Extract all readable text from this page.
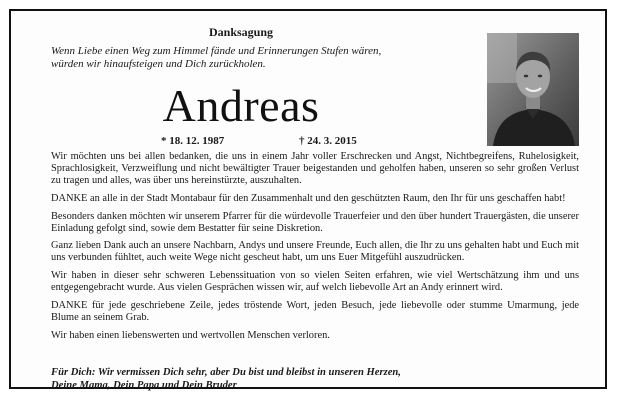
Danksagung
Wenn Liebe einen Weg zum Himmel fände und Erinnerungen Stufen wären,
würden wir hinaufsteigen und Dich zurückholen.
Andreas
* 18. 12. 1987	† 24. 3. 2015

Wir möchten uns bei allen bedanken, die uns in einem Jahr voller Erschrecken und Angst, Nichtbegreifens, Ruhelosigkeit, Sprachlosigkeit, Verzweiflung und nicht bewältigter Trauer beigestanden und geholfen haben, unseren so sehr großen Verlust zu tragen und alles, was über uns hereinstürzte, auszuhalten.

DANKE an alle in der Stadt Montabaur für den Zusammenhalt und den geschützten Raum, den Ihr für uns geschaffen habt!

Besonders danken möchten wir unserem Pfarrer für die würdevolle Trauerfeier und den über hundert Trauergästen, die unserer Einladung gefolgt sind, sowie dem Bestatter für seine Diskretion.

Ganz lieben Dank auch an unsere Nachbarn, Andys und unsere Freunde, Euch allen, die Ihr zu uns gehalten habt und Euch mit uns verbunden fühltet, auch weite Wege nicht gescheut habt, um uns Euer Mitgefühl auszudrücken.

Wir haben in dieser sehr schweren Lebenssituation von so vielen Seiten erfahren, wie viel Wertschätzung ihm und uns entgegengebracht wurde. Aus vielen Gesprächen wissen wir, auf welch liebevolle Art an Andy erinnert wird.

DANKE für jede geschriebene Zeile, jedes tröstende Wort, jeden Besuch, jede liebevolle oder stumme Umarmung, jede Blume an seinem Grab.

Wir haben einen liebenswerten und wertvollen Menschen verloren.

Für Dich: Wir vermissen Dich sehr, aber Du bist und bleibst in unseren Herzen,
Deine Mama, Dein Papa und Dein Bruder
